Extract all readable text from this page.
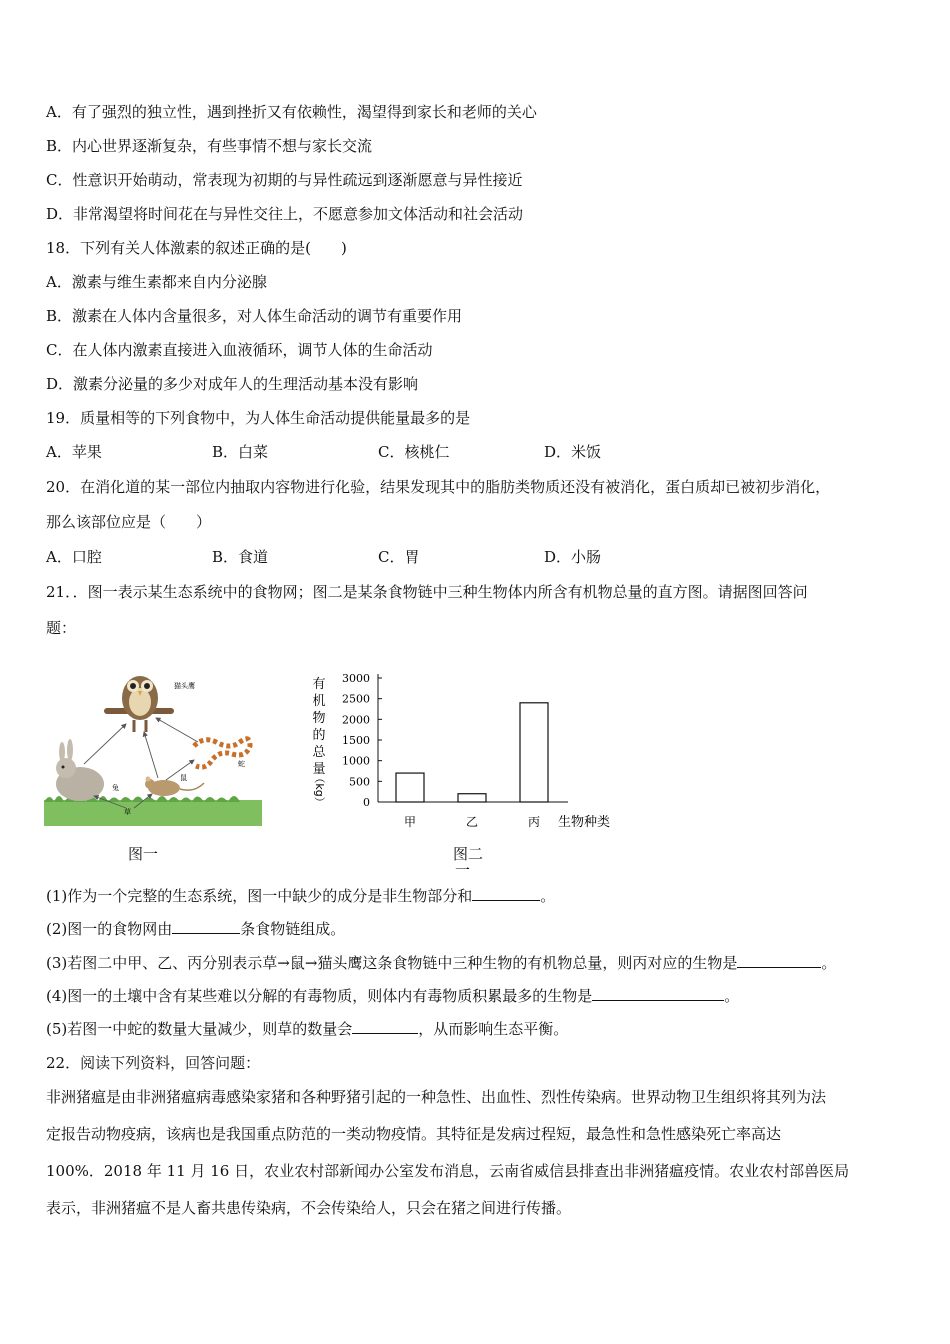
A．有了强烈的独立性，遇到挫折又有依赖性，渴望得到家长和老师的关心
B．内心世界逐渐复杂，有些事情不想与家长交流
C．性意识开始萌动，常表现为初期的与异性疏远到逐渐愿意与异性接近
D．非常渴望将时间花在与异性交往上，不愿意参加文体活动和社会活动
18．下列有关人体激素的叙述正确的是(　　)
A．激素与维生素都来自内分泌腺
B．激素在人体内含量很多，对人体生命活动的调节有重要作用
C．在人体内激素直接进入血液循环，调节人体的生命活动
D．激素分泌量的多少对成年人的生理活动基本没有影响
19．质量相等的下列食物中，为人体生命活动提供能量最多的是
A．苹果	B．白菜	C．核桃仁	D．米饭
20．在消化道的某一部位内抽取内容物进行化验，结果发现其中的脂肪类物质还没有被消化，蛋白质却已被初步消化，
那么该部位应是（　　）
A．口腔	B．食道	C．胃	D．小肠
21．．图一表示某生态系统中的食物网；图二是某条食物链中三种生物体内所含有机物总量的直方图。请据图回答问
题：
猫头鹰
蛇
兔
鼠
草
图一
3000
2500
2000
1500
1000
500
0
甲	乙	丙 生物种类
有
机
物
的
总
量
（kg）
图二
一
(1)作为一个完整的生态系统，图一中缺少的成分是非生物部分和	。
(2)图一的食物网由	条食物链组成。
(3)若图二中甲、乙、丙分别表示草→鼠→猫头鹰这条食物链中三种生物的有机物总量，则丙对应的生物是	。
(4)图一的土壤中含有某些难以分解的有毒物质，则体内有毒物质积累最多的生物是	。
(5)若图一中蛇的数量大量减少，则草的数量会	，从而影响生态平衡。
22．阅读下列资料，回答问题：
非洲猪瘟是由非洲猪瘟病毒感染家猪和各种野猪引起的一种急性、出血性、烈性传染病。世界动物卫生组织将其列为法
定报告动物疫病，该病也是我国重点防范的一类动物疫情。其特征是发病过程短，最急性和急性感染死亡率高达
100%．2018 年 11 月 16 日，农业农村部新闻办公室发布消息，云南省威信县排查出非洲猪瘟疫情。农业农村部兽医局
表示，非洲猪瘟不是人畜共患传染病，不会传染给人，只会在猪之间进行传播。
